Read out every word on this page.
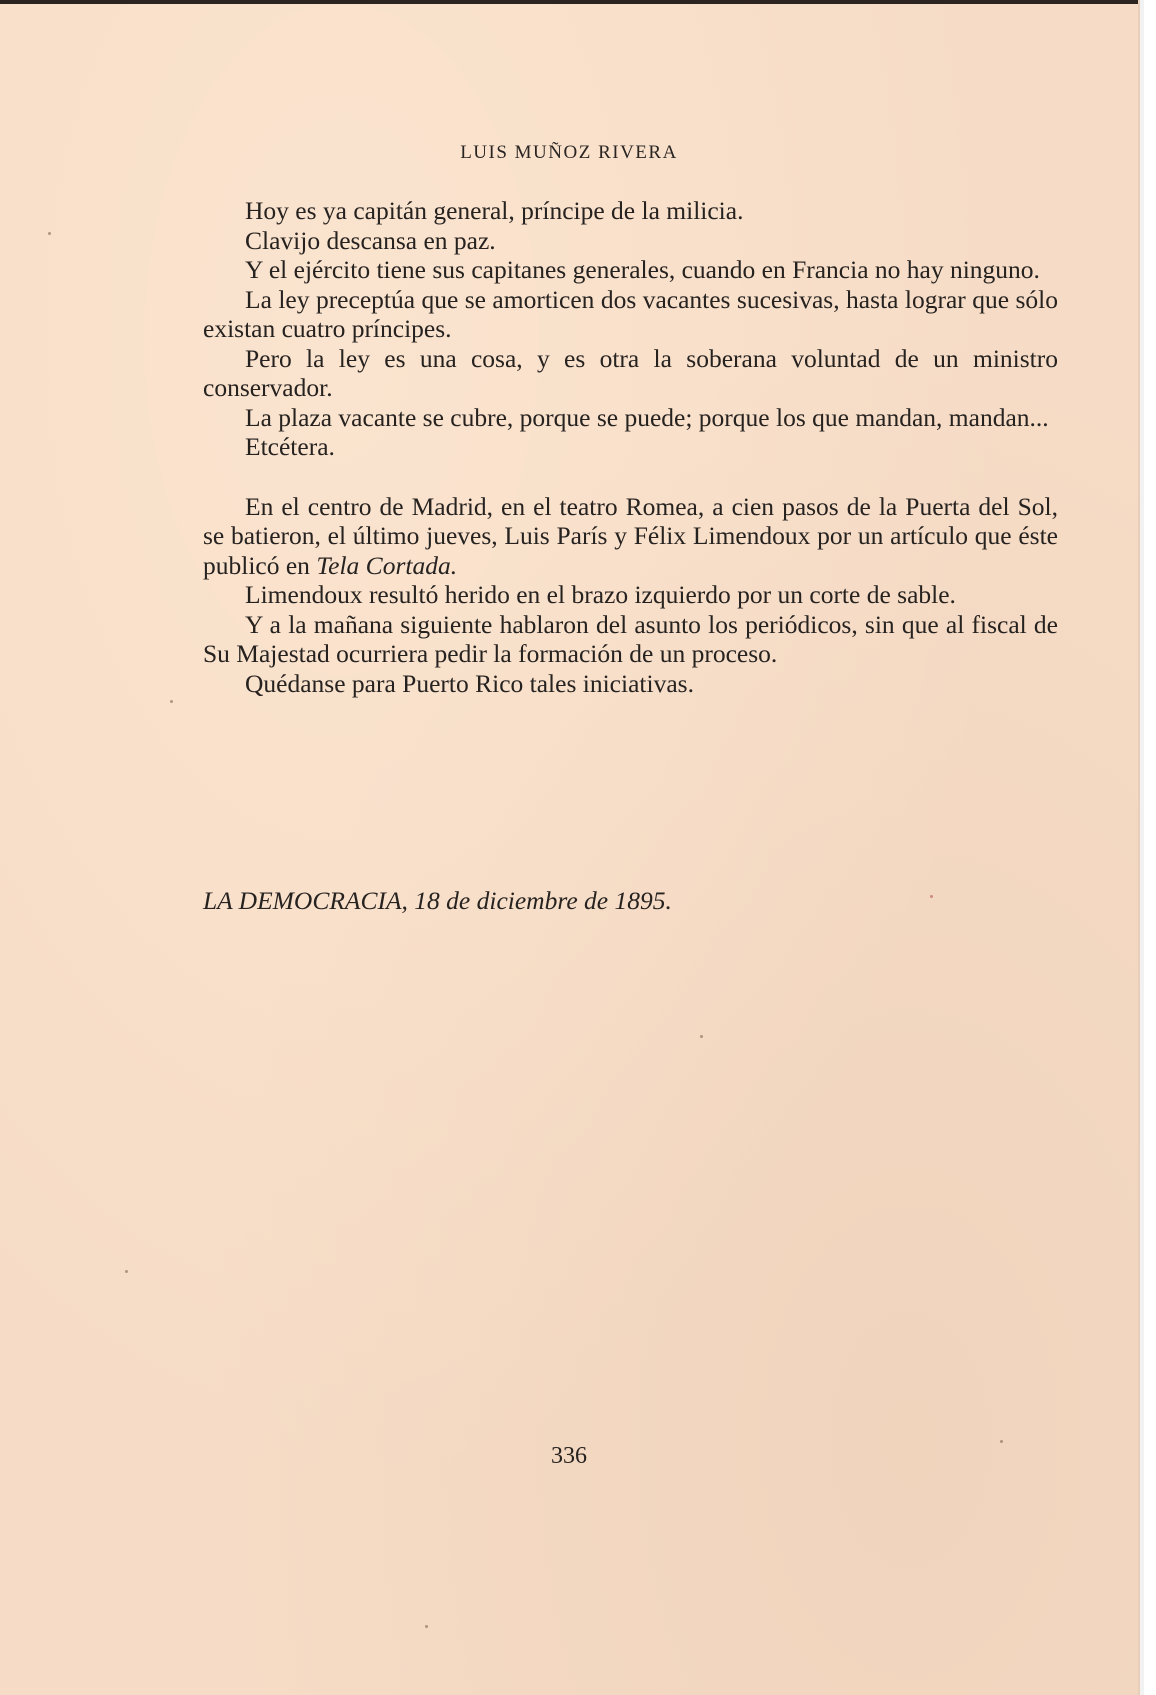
LUIS MUÑOZ RIVERA

Hoy es ya capitán general, príncipe de la milicia.

Clavijo descansa en paz.

Y el ejército tiene sus capitanes generales, cuando en Francia no hay ninguno.

La ley preceptúa que se amorticen dos vacantes sucesivas, hasta lograr que sólo existan cuatro príncipes.

Pero la ley es una cosa, y es otra la soberana voluntad de un ministro conservador.

La plaza vacante se cubre, porque se puede; porque los que mandan, mandan...

Etcétera.

En el centro de Madrid, en el teatro Romea, a cien pasos de la Puerta del Sol, se batieron, el último jueves, Luis París y Félix Limendoux por un artículo que éste publicó en Tela Cortada.

Limendoux resultó herido en el brazo izquierdo por un corte de sable.

Y a la mañana siguiente hablaron del asunto los periódicos, sin que al fiscal de Su Majestad ocurriera pedir la formación de un proceso.

Quédanse para Puerto Rico tales iniciativas.

LA DEMOCRACIA, 18 de diciembre de 1895.
336
